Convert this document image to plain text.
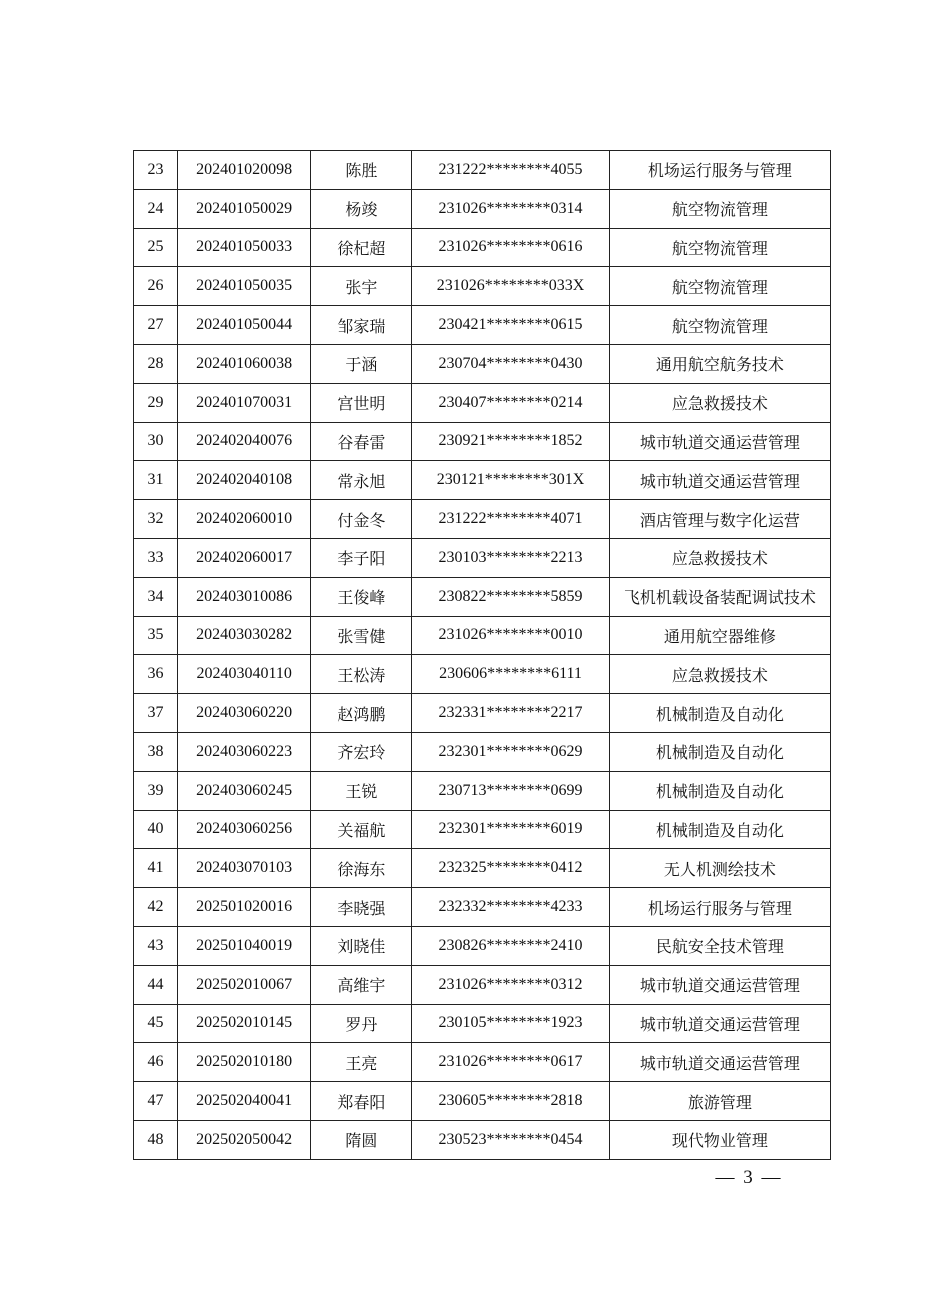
23	202401020098	陈胜	231222********4055	机场运行服务与管理
24	202401050029	杨竣	231026********0314	航空物流管理
25	202401050033	徐杞超	231026********0616	航空物流管理
26	202401050035	张宇	231026********033X	航空物流管理
27	202401050044	邹家瑞	230421********0615	航空物流管理
28	202401060038	于涵	230704********0430	通用航空航务技术
29	202401070031	宫世明	230407********0214	应急救援技术
30	202402040076	谷春雷	230921********1852	城市轨道交通运营管理
31	202402040108	常永旭	230121********301X	城市轨道交通运营管理
32	202402060010	付金冬	231222********4071	酒店管理与数字化运营
33	202402060017	李子阳	230103********2213	应急救援技术
34	202403010086	王俊峰	230822********5859	飞机机载设备装配调试技术
35	202403030282	张雪健	231026********0010	通用航空器维修
36	202403040110	王松涛	230606********6111	应急救援技术
37	202403060220	赵鸿鹏	232331********2217	机械制造及自动化
38	202403060223	齐宏玲	232301********0629	机械制造及自动化
39	202403060245	王锐	230713********0699	机械制造及自动化
40	202403060256	关福航	232301********6019	机械制造及自动化
41	202403070103	徐海东	232325********0412	无人机测绘技术
42	202501020016	李晓强	232332********4233	机场运行服务与管理
43	202501040019	刘晓佳	230826********2410	民航安全技术管理
44	202502010067	高维宇	231026********0312	城市轨道交通运营管理
45	202502010145	罗丹	230105********1923	城市轨道交通运营管理
46	202502010180	王亮	231026********0617	城市轨道交通运营管理
47	202502040041	郑春阳	230605********2818	旅游管理
48	202502050042	隋圆	230523********0454	现代物业管理
— 3 —
